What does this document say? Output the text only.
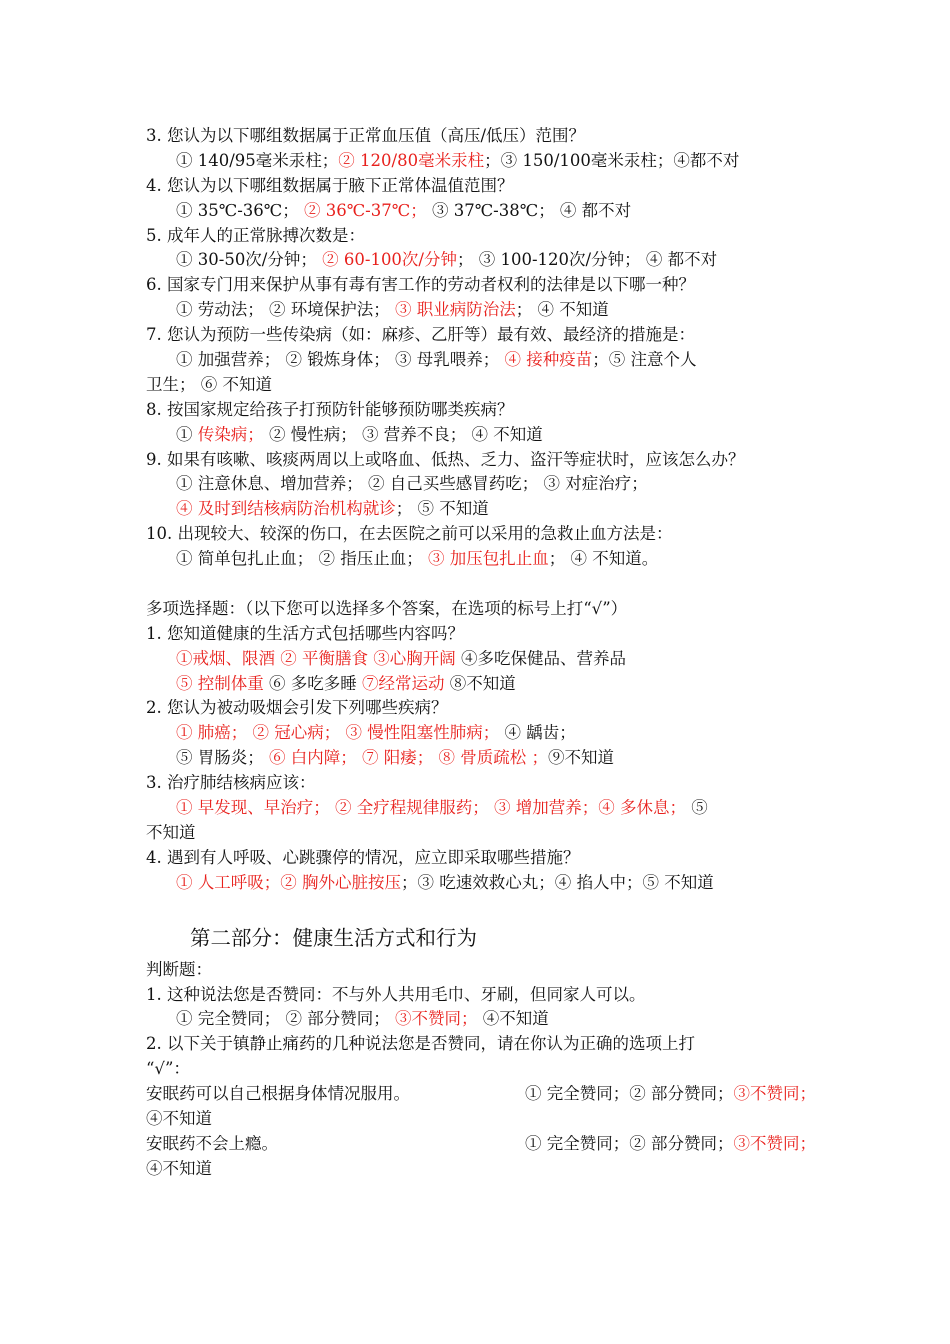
3. 您认为以下哪组数据属于正常血压值（高压/低压）范围？
① 140/95毫米汞柱；② 120/80毫米汞柱；③ 150/100毫米汞柱；④都不对
4. 您认为以下哪组数据属于腋下正常体温值范围？
① 35℃-36℃； ② 36℃-37℃； ③ 37℃-38℃； ④ 都不对
5. 成年人的正常脉搏次数是：
① 30-50次/分钟； ② 60-100次/分钟； ③ 100-120次/分钟； ④ 都不对
6. 国家专门用来保护从事有毒有害工作的劳动者权利的法律是以下哪一种？
① 劳动法； ② 环境保护法； ③ 职业病防治法； ④ 不知道
7. 您认为预防一些传染病（如：麻疹、乙肝等）最有效、最经济的措施是：
① 加强营养； ② 锻炼身体； ③ 母乳喂养； ④ 接种疫苗；⑤ 注意个人
卫生； ⑥ 不知道
8. 按国家规定给孩子打预防针能够预防哪类疾病？
① 传染病； ② 慢性病； ③ 营养不良； ④ 不知道
9. 如果有咳嗽、咳痰两周以上或咯血、低热、乏力、盗汗等症状时，应该怎么办？
① 注意休息、增加营养； ② 自己买些感冒药吃； ③ 对症治疗；
④ 及时到结核病防治机构就诊； ⑤ 不知道
10. 出现较大、较深的伤口，在去医院之前可以采用的急救止血方法是：
① 简单包扎止血； ② 指压止血； ③ 加压包扎止血； ④ 不知道。
多项选择题：（以下您可以选择多个答案，在选项的标号上打“√”）
1. 您知道健康的生活方式包括哪些内容吗？
①戒烟、限酒 ② 平衡膳食 ③心胸开阔 ④多吃保健品、营养品
⑤ 控制体重 ⑥ 多吃多睡 ⑦经常运动 ⑧不知道
2. 您认为被动吸烟会引发下列哪些疾病？
① 肺癌； ② 冠心病； ③ 慢性阻塞性肺病； ④ 龋齿；
⑤ 胃肠炎； ⑥ 白内障； ⑦ 阳痿； ⑧ 骨质疏松 ；⑨不知道
3. 治疗肺结核病应该：
① 早发现、早治疗； ② 全疗程规律服药； ③ 增加营养；④ 多休息； ⑤
不知道
4. 遇到有人呼吸、心跳骤停的情况，应立即采取哪些措施？
① 人工呼吸；② 胸外心脏按压；③ 吃速效救心丸；④ 掐人中；⑤ 不知道
第二部分：健康生活方式和行为
判断题：
1. 这种说法您是否赞同：不与外人共用毛巾、牙刷，但同家人可以。
① 完全赞同； ② 部分赞同； ③不赞同； ④不知道
2. 以下关于镇静止痛药的几种说法您是否赞同，请在你认为正确的选项上打
“√”：
安眠药可以自己根据身体情况服用。	① 完全赞同；② 部分赞同；③不赞同；
④不知道
安眠药不会上瘾。	① 完全赞同；② 部分赞同；③不赞同；
④不知道
